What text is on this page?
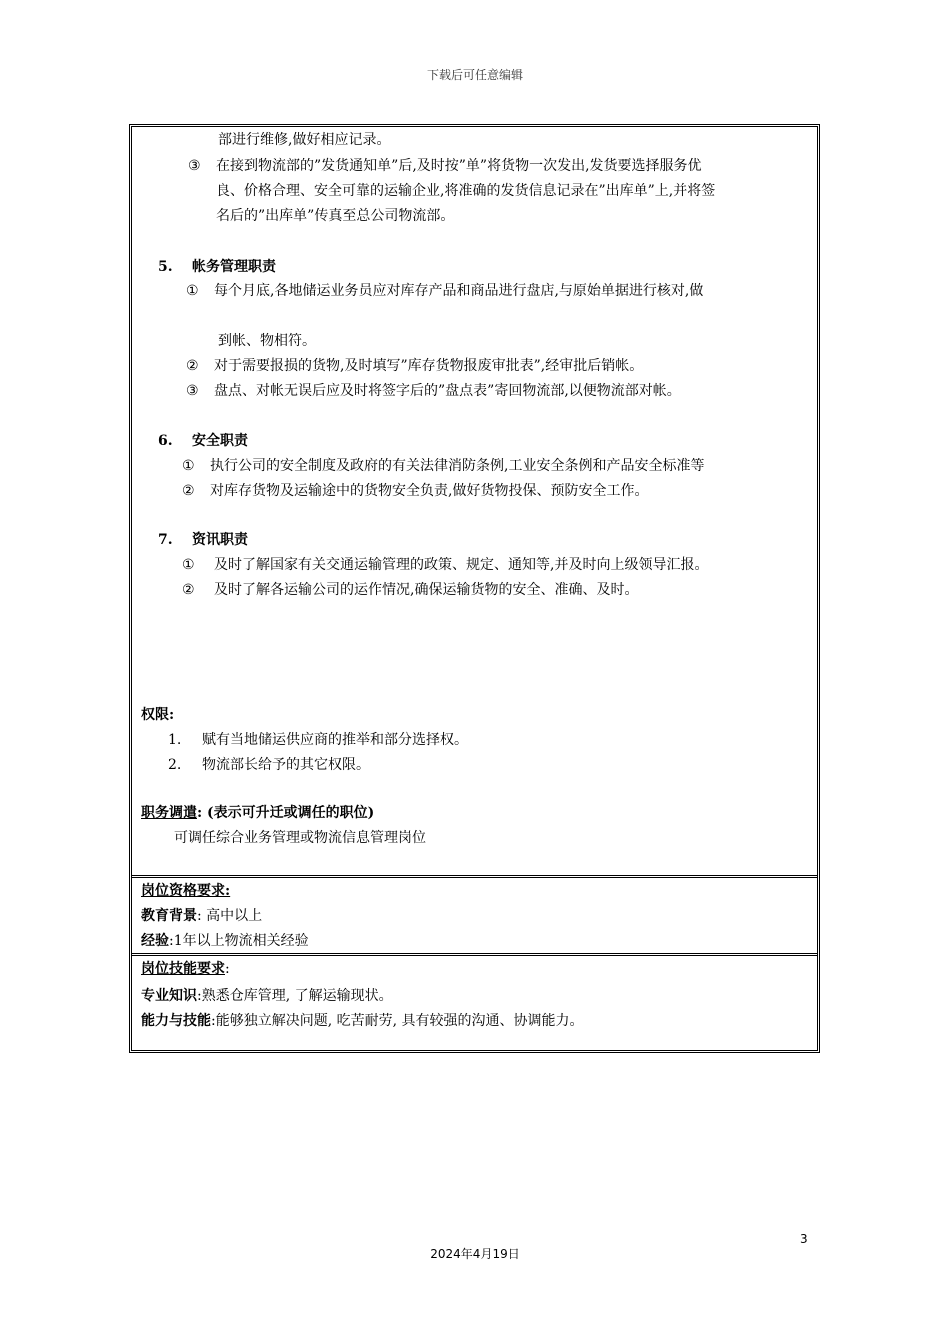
下载后可任意编辑
部进行维修,做好相应记录。
③ 在接到物流部的”发货通知单”后,及时按”单”将货物一次发出,发货要选择服务优
良、价格合理、安全可靠的运输企业,将准确的发货信息记录在”出库单”上,并将签
名后的”出库单”传真至总公司物流部。
5. 帐务管理职责
① 每个月底,各地储运业务员应对库存产品和商品进行盘店,与原始单据进行核对,做
到帐、物相符。
② 对于需要报损的货物,及时填写”库存货物报废审批表”,经审批后销帐。
③ 盘点、对帐无误后应及时将签字后的”盘点表”寄回物流部,以便物流部对帐。
6. 安全职责
① 执行公司的安全制度及政府的有关法律消防条例,工业安全条例和产品安全标准等
② 对库存货物及运输途中的货物安全负责,做好货物投保、预防安全工作。
7. 资讯职责
① 及时了解国家有关交通运输管理的政策、规定、通知等,并及时向上级领导汇报。
② 及时了解各运输公司的运作情况,确保运输货物的安全、准确、及时。
权限:
1. 赋有当地储运供应商的推举和部分选择权。
2. 物流部长给予的其它权限。
职务调遣: (表示可升迁或调任的职位)
可调任综合业务管理或物流信息管理岗位
岗位资格要求:
教育背景: 高中以上
经验:1年以上物流相关经验
岗位技能要求:
专业知识:熟悉仓库管理, 了解运输现状。
能力与技能:能够独立解决问题, 吃苦耐劳, 具有较强的沟通、协调能力。
3
2024年4月19日
